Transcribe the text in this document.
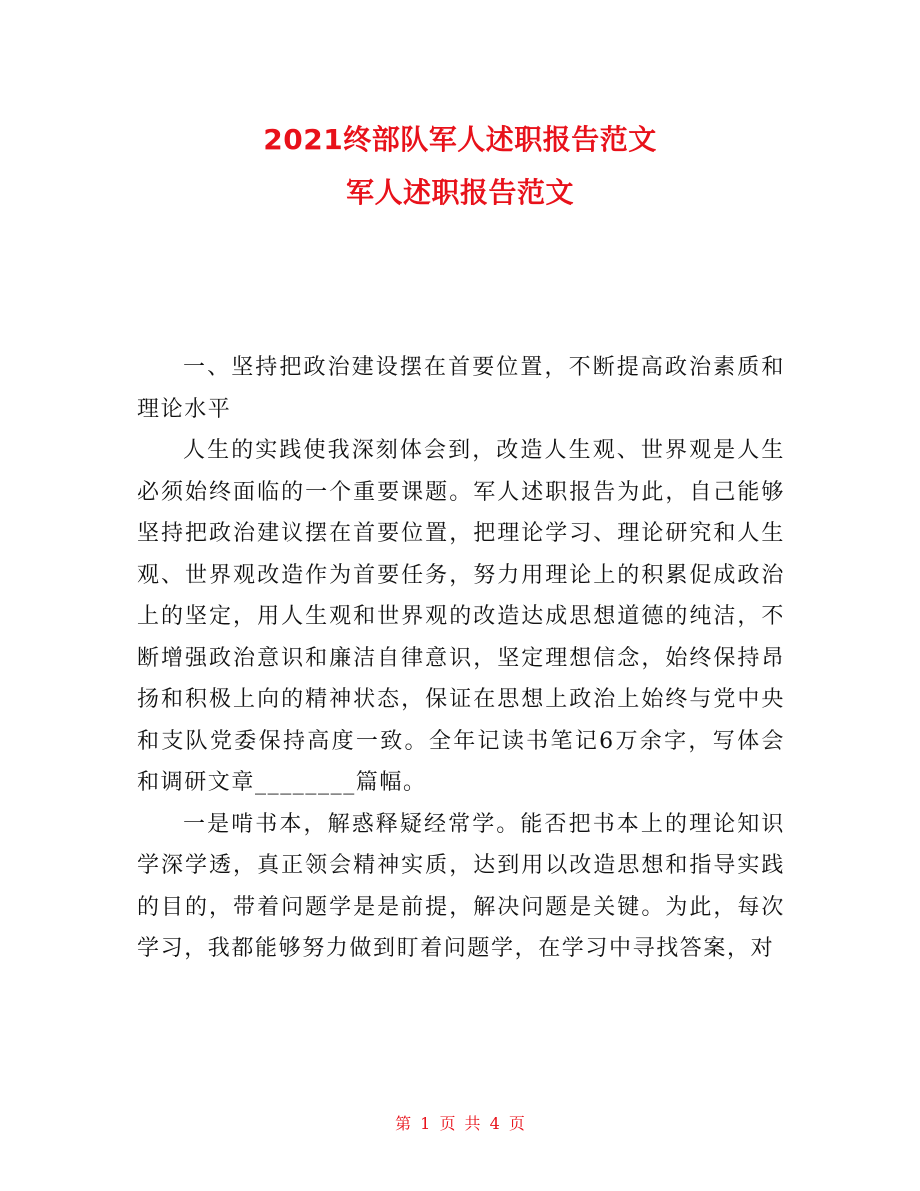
2021终部队军人述职报告范文
军人述职报告范文

一、坚持把政治建设摆在首要位置，不断提高政治素质和理论水平

人生的实践使我深刻体会到，改造人生观、世界观是人生必须始终面临的一个重要课题。军人述职报告为此，自己能够坚持把政治建议摆在首要位置，把理论学习、理论研究和人生观、世界观改造作为首要任务，努力用理论上的积累促成政治上的坚定，用人生观和世界观的改造达成思想道德的纯洁，不断增强政治意识和廉洁自律意识，坚定理想信念，始终保持昂扬和积极上向的精神状态，保证在思想上政治上始终与党中央和支队党委保持高度一致。全年记读书笔记6万余字，写体会和调研文章________篇幅。

一是啃书本，解惑释疑经常学。能否把书本上的理论知识学深学透，真正领会精神实质，达到用以改造思想和指导实践的目的，带着问题学是是前提，解决问题是关键。为此，每次学习，我都能够努力做到盯着问题学，在学习中寻找答案，对

第 1 页 共 4 页
